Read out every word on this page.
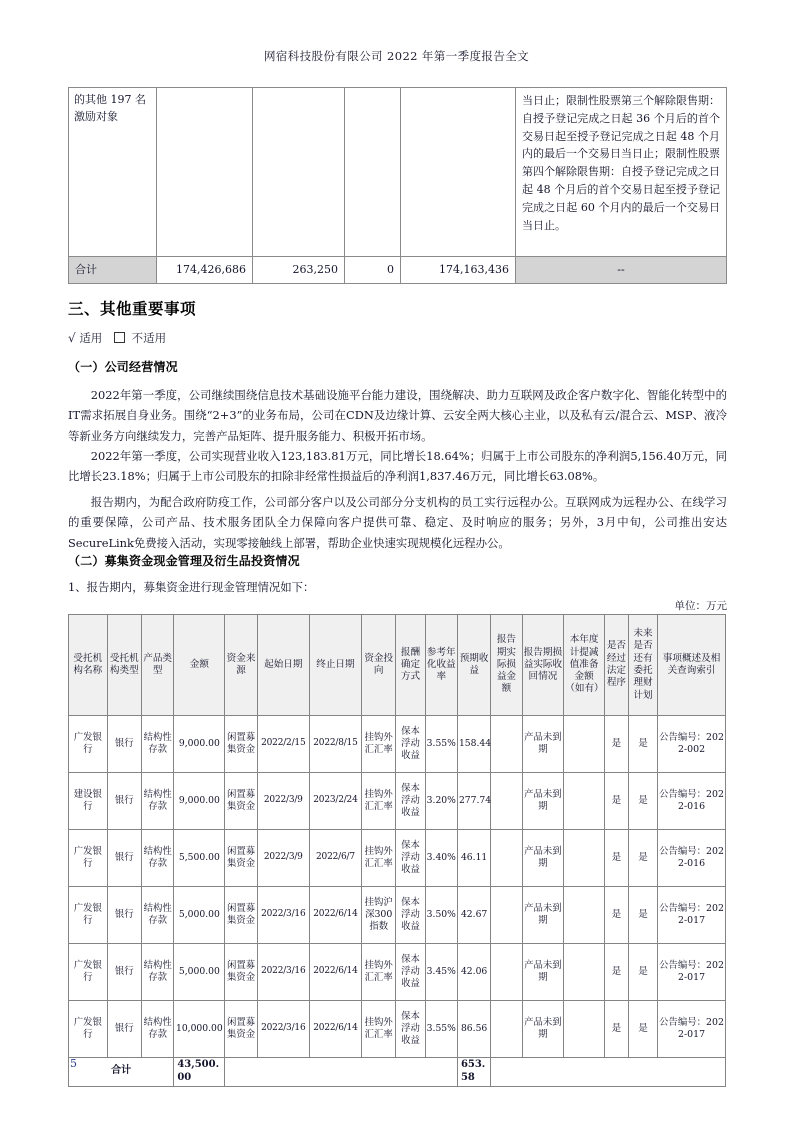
网宿科技股份有限公司 2022 年第一季度报告全文
的其他 197 名激励对象					当日止；限制性股票第三个解除限售期：自授予登记完成之日起 36 个月后的首个交易日起至授予登记完成之日起 48 个月内的最后一个交易日当日止；限制性股票第四个解除限售期：自授予登记完成之日起 48 个月后的首个交易日起至授予登记完成之日起 60 个月内的最后一个交易日当日止。
合计	174,426,686	263,250	0	174,163,436	--
三、其他重要事项
√ 适用	不适用
（一）公司经营情况
2022年第一季度，公司继续围绕信息技术基础设施平台能力建设，围绕解决、助力互联网及政企客户数字化、智能化转型中的IT需求拓展自身业务。围绕“2+3”的业务布局，公司在CDN及边缘计算、云安全两大核心主业，以及私有云/混合云、MSP、液冷等新业务方向继续发力，完善产品矩阵、提升服务能力、积极开拓市场。
2022年第一季度，公司实现营业收入123,183.81万元，同比增长18.64%；归属于上市公司股东的净利润5,156.40万元，同比增长23.18%；归属于上市公司股东的扣除非经常性损益后的净利润1,837.46万元，同比增长63.08%。
报告期内，为配合政府防疫工作，公司部分客户以及公司部分分支机构的员工实行远程办公。互联网成为远程办公、在线学习的重要保障，公司产品、技术服务团队全力保障向客户提供可靠、稳定、及时响应的服务；另外，3月中旬，公司推出安达SecureLink免费接入活动，实现零接触线上部署，帮助企业快速实现规模化远程办公。
（二）募集资金现金管理及衍生品投资情况
1、报告期内，募集资金进行现金管理情况如下：
单位：万元
受托机构名称	受托机构类型	产品类型	金额	资金来源	起始日期	终止日期	资金投向	报酬确定方式	参考年化收益率	预期收益	报告期实际损益金额	报告期损益实际收回情况	本年度计提减值准备金额（如有）	是否经过法定程序	未来是否还有委托理财计划	事项概述及相关查询索引
广发银行	银行	结构性存款	9,000.00	闲置募集资金	2022/2/15	2022/8/15	挂钩外汇汇率	保本浮动收益	3.55%	158.44		产品未到期		是	是	公告编号：2022-002
建设银行	银行	结构性存款	9,000.00	闲置募集资金	2022/3/9	2023/2/24	挂钩外汇汇率	保本浮动收益	3.20%	277.74		产品未到期		是	是	公告编号：2022-016
广发银行	银行	结构性存款	5,500.00	闲置募集资金	2022/3/9	2022/6/7	挂钩外汇汇率	保本浮动收益	3.40%	46.11		产品未到期		是	是	公告编号：2022-016
广发银行	银行	结构性存款	5,000.00	闲置募集资金	2022/3/16	2022/6/14	挂钩沪深300指数	保本浮动收益	3.50%	42.67		产品未到期		是	是	公告编号：2022-017
广发银行	银行	结构性存款	5,000.00	闲置募集资金	2022/3/16	2022/6/14	挂钩外汇汇率	保本浮动收益	3.45%	42.06		产品未到期		是	是	公告编号：2022-017
广发银行	银行	结构性存款	10,000.00	闲置募集资金	2022/3/16	2022/6/14	挂钩外汇汇率	保本浮动收益	3.55%	86.56		产品未到期		是	是	公告编号：2022-017
合计			43,500.00							653.58						
5
